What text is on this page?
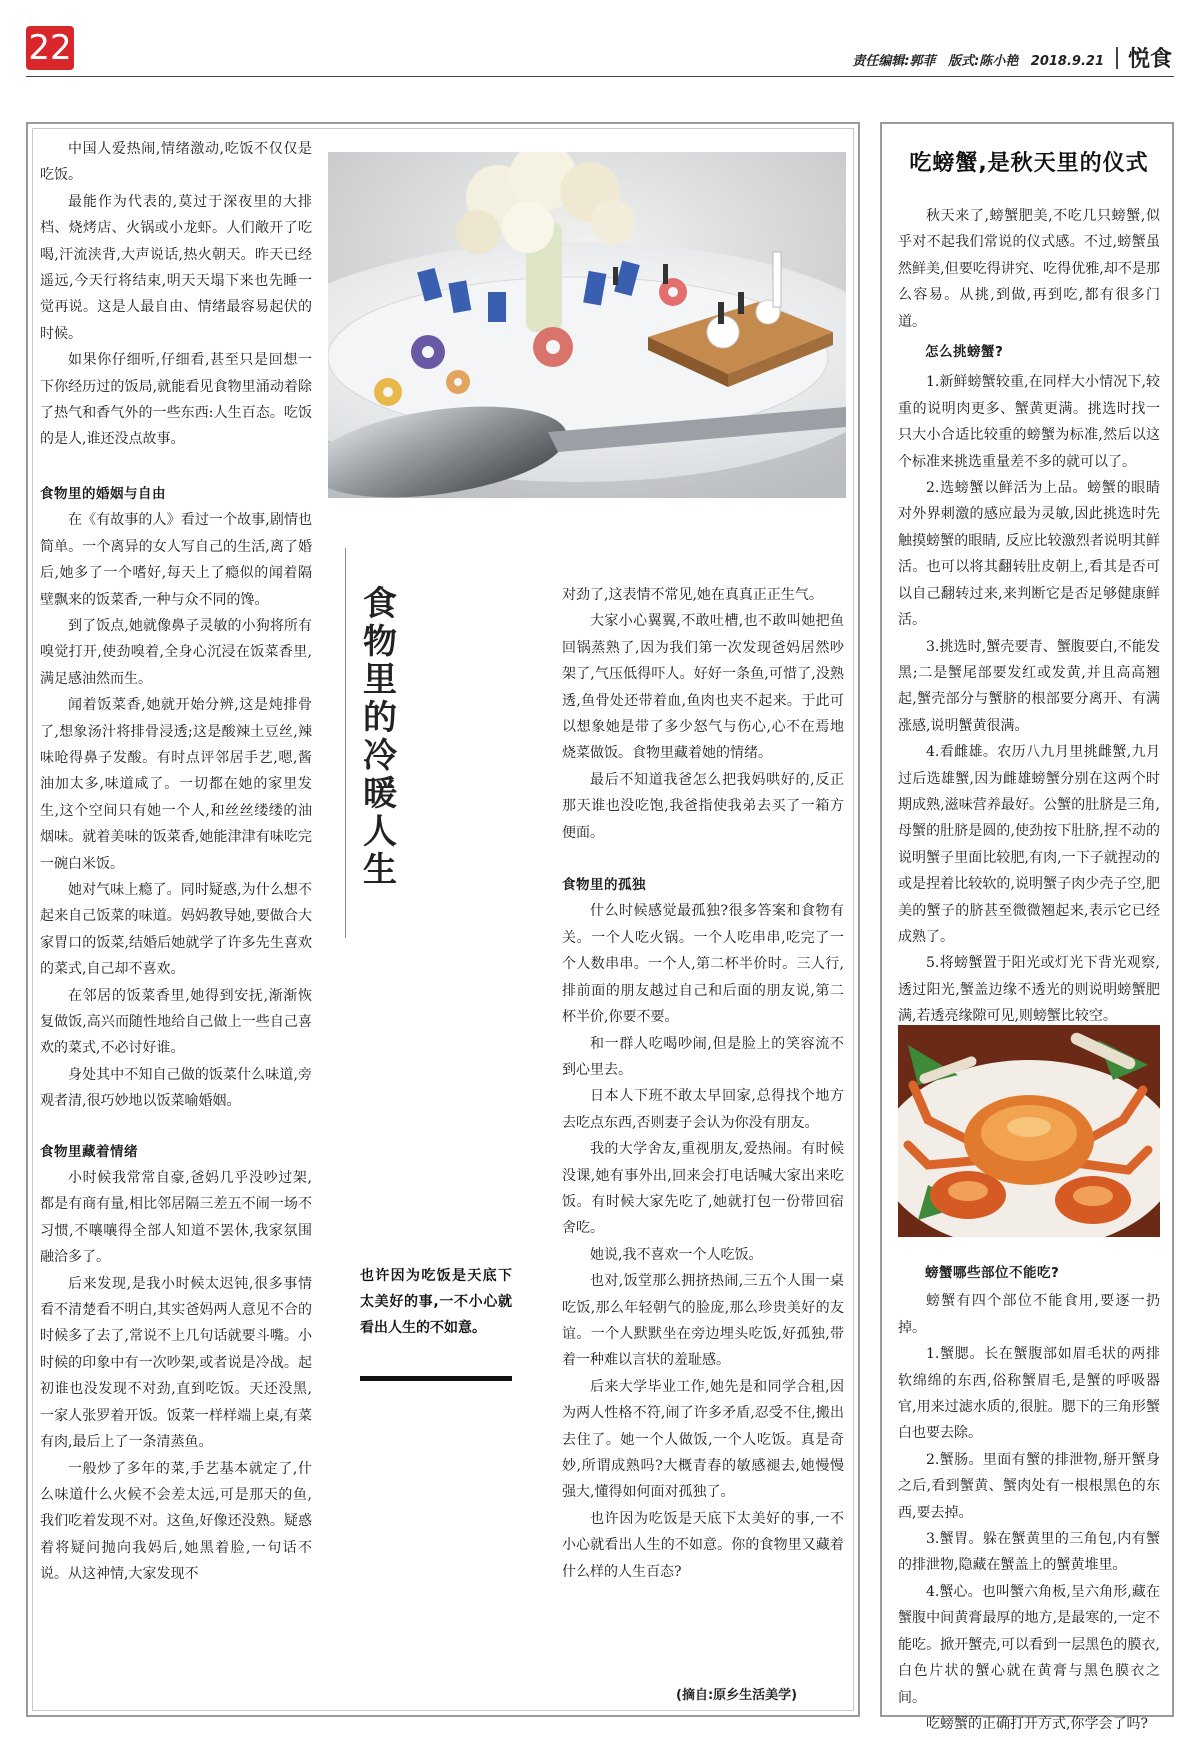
22	责任编辑:郭菲 版式:陈小艳 2018.9.21 悦食

中国人爱热闹,情绪激动,吃饭不仅仅是吃饭。

最能作为代表的,莫过于深夜里的大排档、烧烤店、火锅或小龙虾。人们敞开了吃喝,汗流浃背,大声说话,热火朝天。昨天已经遥远,今天行将结束,明天天塌下来也先睡一觉再说。这是人最自由、情绪最容易起伏的时候。

如果你仔细听,仔细看,甚至只是回想一下你经历过的饭局,就能看见食物里涌动着除了热气和香气外的一些东西:人生百态。吃饭的是人,谁还没点故事。

食物里的婚姻与自由

在《有故事的人》看过一个故事,剧情也简单。一个离异的女人写自己的生活,离了婚后,她多了一个嗜好,每天上了瘾似的闻着隔壁飘来的饭菜香,一种与众不同的馋。

到了饭点,她就像鼻子灵敏的小狗将所有嗅觉打开,使劲嗅着,全身心沉浸在饭菜香里,满足感油然而生。

闻着饭菜香,她就开始分辨,这是炖排骨了,想象汤汁将排骨浸透;这是酸辣土豆丝,辣味呛得鼻子发酸。有时点评邻居手艺,嗯,酱油加太多,味道咸了。一切都在她的家里发生,这个空间只有她一个人,和丝丝缕缕的油烟味。就着美味的饭菜香,她能津津有味吃完一碗白米饭。

她对气味上瘾了。同时疑惑,为什么想不起来自己饭菜的味道。妈妈教导她,要做合大家胃口的饭菜,结婚后她就学了许多先生喜欢的菜式,自己却不喜欢。

在邻居的饭菜香里,她得到安抚,渐渐恢复做饭,高兴而随性地给自己做上一些自己喜欢的菜式,不必讨好谁。

身处其中不知自己做的饭菜什么味道,旁观者清,很巧妙地以饭菜喻婚姻。

食物里藏着情绪

小时候我常常自豪,爸妈几乎没吵过架,都是有商有量,相比邻居隔三差五不闹一场不习惯,不嚷嚷得全部人知道不罢休,我家氛围融洽多了。

后来发现,是我小时候太迟钝,很多事情看不清楚看不明白,其实爸妈两人意见不合的时候多了去了,常说不上几句话就要斗嘴。小时候的印象中有一次吵架,或者说是冷战。起初谁也没发现不对劲,直到吃饭。天还没黑,一家人张罗着开饭。饭菜一样样端上桌,有菜有肉,最后上了一条清蒸鱼。

一般炒了多年的菜,手艺基本就定了,什么味道什么火候不会差太远,可是那天的鱼,我们吃着发现不对。这鱼,好像还没熟。疑惑着将疑问抛向我妈后,她黑着脸,一句话不说。从这神情,大家发现不

食物里的冷暖人生
也许因为吃饭是天底下太美好的事,一不小心就看出人生的不如意。

对劲了,这表情不常见,她在真真正正生气。

大家小心翼翼,不敢吐槽,也不敢叫她把鱼回锅蒸熟了,因为我们第一次发现爸妈居然吵架了,气压低得吓人。好好一条鱼,可惜了,没熟透,鱼骨处还带着血,鱼肉也夹不起来。于此可以想象她是带了多少怒气与伤心,心不在焉地烧菜做饭。食物里藏着她的情绪。

最后不知道我爸怎么把我妈哄好的,反正那天谁也没吃饱,我爸指使我弟去买了一箱方便面。

食物里的孤独

什么时候感觉最孤独?很多答案和食物有关。一个人吃火锅。一个人吃串串,吃完了一个人数串串。一个人,第二杯半价时。三人行,排前面的朋友越过自己和后面的朋友说,第二杯半价,你要不要。

和一群人吃喝吵闹,但是脸上的笑容流不到心里去。

日本人下班不敢太早回家,总得找个地方去吃点东西,否则妻子会认为你没有朋友。

我的大学舍友,重视朋友,爱热闹。有时候没课,她有事外出,回来会打电话喊大家出来吃饭。有时候大家先吃了,她就打包一份带回宿舍吃。

她说,我不喜欢一个人吃饭。

也对,饭堂那么拥挤热闹,三五个人围一桌吃饭,那么年轻朝气的脸庞,那么珍贵美好的友谊。一个人默默坐在旁边埋头吃饭,好孤独,带着一种难以言状的羞耻感。

后来大学毕业工作,她先是和同学合租,因为两人性格不符,闹了许多矛盾,忍受不住,搬出去住了。她一个人做饭,一个人吃饭。真是奇妙,所谓成熟吗?大概青春的敏感褪去,她慢慢强大,懂得如何面对孤独了。

也许因为吃饭是天底下太美好的事,一不小心就看出人生的不如意。你的食物里又藏着什么样的人生百态?

(摘自:原乡生活美学)
吃螃蟹,是秋天里的仪式

秋天来了,螃蟹肥美,不吃几只螃蟹,似乎对不起我们常说的仪式感。不过,螃蟹虽然鲜美,但要吃得讲究、吃得优雅,却不是那么容易。从挑,到做,再到吃,都有很多门道。

怎么挑螃蟹?

1.新鲜螃蟹较重,在同样大小情况下,较重的说明肉更多、蟹黄更满。挑选时找一只大小合适比较重的螃蟹为标准,然后以这个标准来挑选重量差不多的就可以了。

2.选螃蟹以鲜活为上品。螃蟹的眼睛对外界刺激的感应最为灵敏,因此挑选时先触摸螃蟹的眼睛, 反应比较激烈者说明其鲜活。也可以将其翻转肚皮朝上,看其是否可以自己翻转过来,来判断它是否足够健康鲜活。

3.挑选时,蟹壳要青、蟹腹要白,不能发黑;二是蟹尾部要发红或发黄,并且高高翘起,蟹壳部分与蟹脐的根部要分离开、有满涨感,说明蟹黄很满。

4.看雌雄。农历八九月里挑雌蟹,九月过后选雄蟹,因为雌雄螃蟹分别在这两个时期成熟,滋味营养最好。公蟹的肚脐是三角,母蟹的肚脐是圆的,使劲按下肚脐,捏不动的说明蟹子里面比较肥,有肉,一下子就捏动的或是捏着比较软的,说明蟹子肉少壳子空,肥美的蟹子的脐甚至微微翘起来,表示它已经成熟了。

5.将螃蟹置于阳光或灯光下背光观察,透过阳光,蟹盖边缘不透光的则说明螃蟹肥满,若透亮缘隙可见,则螃蟹比较空。

螃蟹哪些部位不能吃?

螃蟹有四个部位不能食用,要逐一扔掉。

1.蟹腮。长在蟹腹部如眉毛状的两排软绵绵的东西,俗称蟹眉毛,是蟹的呼吸器官,用来过滤水质的,很脏。腮下的三角形蟹白也要去除。

2.蟹肠。里面有蟹的排泄物,掰开蟹身之后,看到蟹黄、蟹肉处有一根根黑色的东西,要去掉。

3.蟹胃。躲在蟹黄里的三角包,内有蟹的排泄物,隐藏在蟹盖上的蟹黄堆里。

4.蟹心。也叫蟹六角板,呈六角形,藏在蟹腹中间黄膏最厚的地方,是最寒的,一定不能吃。掀开蟹壳,可以看到一层黑色的膜衣,白色片状的蟹心就在黄膏与黑色膜衣之间。

吃螃蟹的正确打开方式,你学会了吗?
